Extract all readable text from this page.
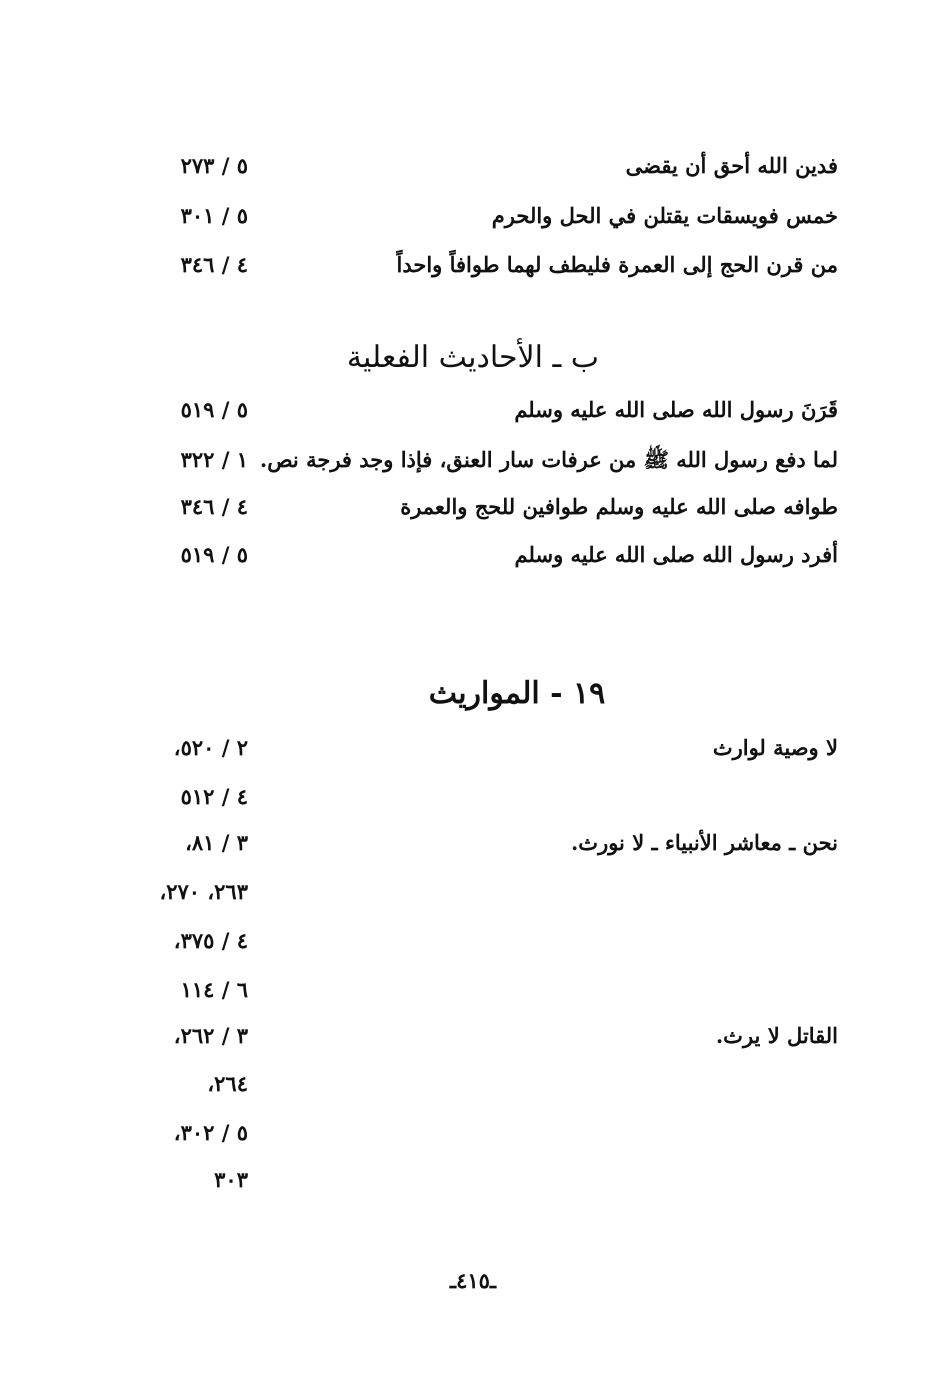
فدين الله أحق أن يقضى
٥ / ٢٧٣
خمس فويسقات يقتلن في الحل والحرم
٥ / ٣٠١
من قرن الحج إلى العمرة فليطف لهما طوافاً واحداً
٤ / ٣٤٦
ب ـ الأحاديث الفعلية
قَرَنَ رسول الله صلى الله عليه وسلم
٥ / ٥١٩
لما دفع رسول الله ﷺ من عرفات سار العنق، فإذا وجد فرجة نص.
١ / ٣٢٢
طوافه صلى الله عليه وسلم طوافين للحج والعمرة
٤ / ٣٤٦
أفرد رسول الله صلى الله عليه وسلم
٥ / ٥١٩
١٩ - المواريث
لا وصية لوارث
٢ / ٥٢٠،
٤ / ٥١٢
نحن ـ معاشر الأنبياء ـ لا نورث.
٣ / ٨١،
٢٦٣، ٢٧٠،
٤ / ٣٧٥،
٦ / ١١٤
القاتل لا يرث.
٣ / ٢٦٢،
٢٦٤،
٥ / ٣٠٢،
٣٠٣
ـ٤١٥ـ
